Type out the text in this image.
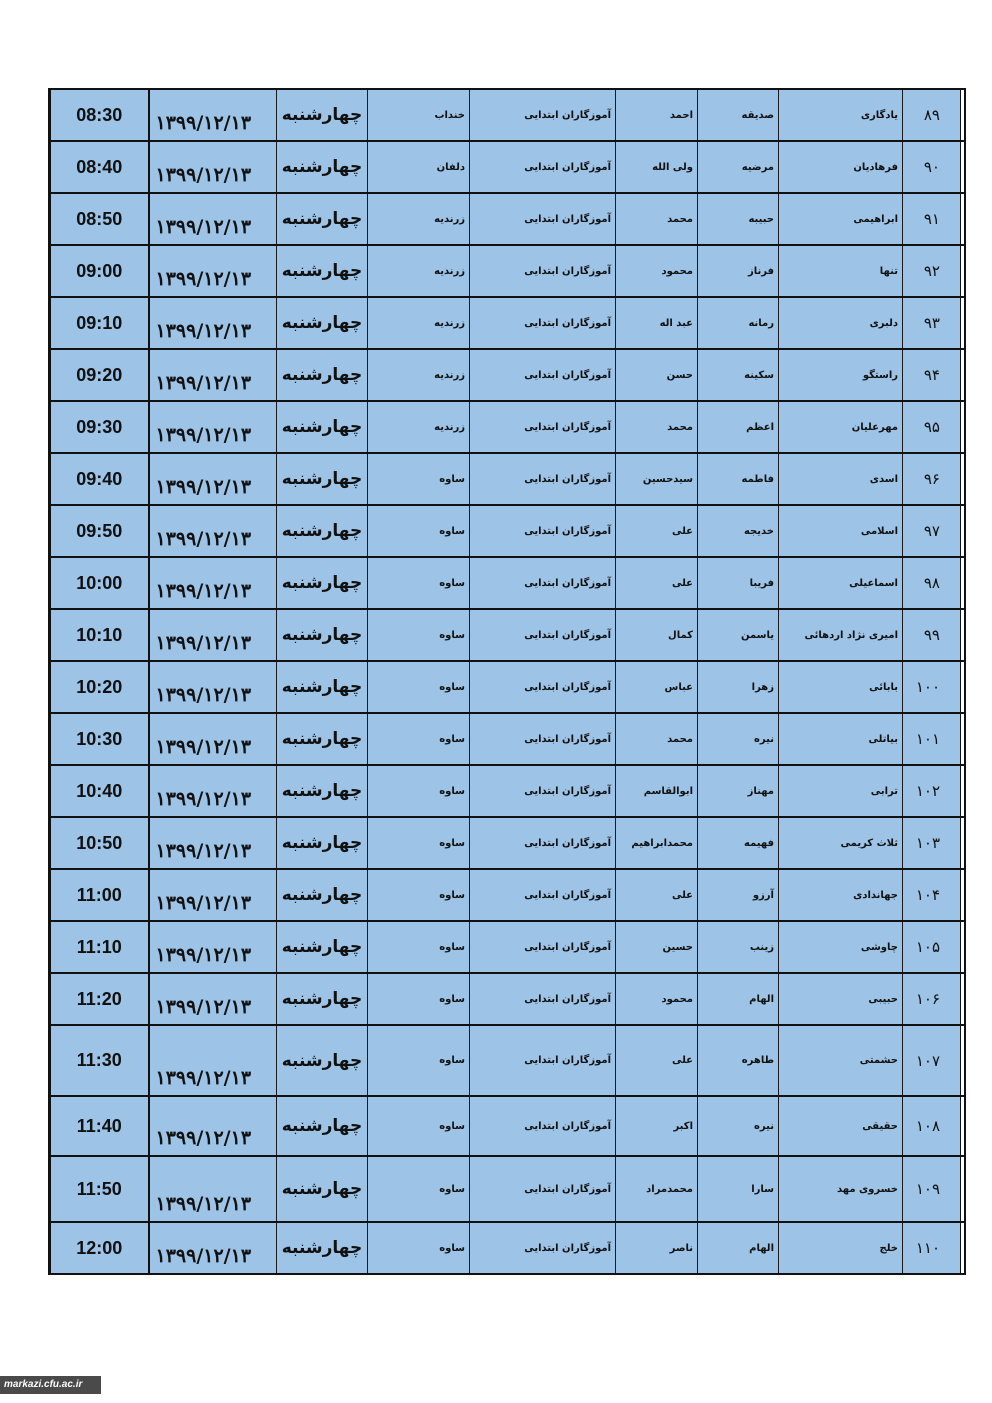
08:30	۱۳۹۹/۱۲/۱۳	چهارشنبه	خنداب	آموزگاران ابتدایی	احمد	صدیقه	یادگاری	۸۹	
08:40	۱۳۹۹/۱۲/۱۳	چهارشنبه	دلفان	آموزگاران ابتدایی	ولی الله	مرضیه	فرهادیان	۹۰	
08:50	۱۳۹۹/۱۲/۱۳	چهارشنبه	زرندیه	آموزگاران ابتدایی	محمد	حبیبه	ابراهیمی	۹۱	
09:00	۱۳۹۹/۱۲/۱۳	چهارشنبه	زرندیه	آموزگاران ابتدایی	محمود	فرناز	تنها	۹۲	
09:10	۱۳۹۹/۱۲/۱۳	چهارشنبه	زرندیه	آموزگاران ابتدایی	عبد اله	رمانه	دلبری	۹۳	
09:20	۱۳۹۹/۱۲/۱۳	چهارشنبه	زرندیه	آموزگاران ابتدایی	حسن	سکینه	راستگو	۹۴	
09:30	۱۳۹۹/۱۲/۱۳	چهارشنبه	زرندیه	آموزگاران ابتدایی	محمد	اعظم	مهرعلیان	۹۵	
09:40	۱۳۹۹/۱۲/۱۳	چهارشنبه	ساوه	آموزگاران ابتدایی	سیدحسین	فاطمه	اسدی	۹۶	
09:50	۱۳۹۹/۱۲/۱۳	چهارشنبه	ساوه	آموزگاران ابتدایی	علی	خدیجه	اسلامی	۹۷	
10:00	۱۳۹۹/۱۲/۱۳	چهارشنبه	ساوه	آموزگاران ابتدایی	علی	فریبا	اسماعیلی	۹۸	
10:10	۱۳۹۹/۱۲/۱۳	چهارشنبه	ساوه	آموزگاران ابتدایی	کمال	یاسمن	امیری نژاد اردهائی	۹۹	
10:20	۱۳۹۹/۱۲/۱۳	چهارشنبه	ساوه	آموزگاران ابتدایی	عباس	زهرا	بابائی	۱۰۰	
10:30	۱۳۹۹/۱۲/۱۳	چهارشنبه	ساوه	آموزگاران ابتدایی	محمد	نیره	بیاتلی	۱۰۱	
10:40	۱۳۹۹/۱۲/۱۳	چهارشنبه	ساوه	آموزگاران ابتدایی	ابوالقاسم	مهناز	ترابی	۱۰۲	
10:50	۱۳۹۹/۱۲/۱۳	چهارشنبه	ساوه	آموزگاران ابتدایی	محمدابراهیم	فهیمه	ثلاث کریمی	۱۰۳	
11:00	۱۳۹۹/۱۲/۱۳	چهارشنبه	ساوه	آموزگاران ابتدایی	علی	آرزو	جهاندادی	۱۰۴	
11:10	۱۳۹۹/۱۲/۱۳	چهارشنبه	ساوه	آموزگاران ابتدایی	حسین	زینب	چاوشی	۱۰۵	
11:20	۱۳۹۹/۱۲/۱۳	چهارشنبه	ساوه	آموزگاران ابتدایی	محمود	الهام	حبیبی	۱۰۶	
11:30	۱۳۹۹/۱۲/۱۳	چهارشنبه	ساوه	آموزگاران ابتدایی	علی	طاهره	حشمتی	۱۰۷	
11:40	۱۳۹۹/۱۲/۱۳	چهارشنبه	ساوه	آموزگاران ابتدایی	اکبر	نیره	حقیقی	۱۰۸	
11:50	۱۳۹۹/۱۲/۱۳	چهارشنبه	ساوه	آموزگاران ابتدایی	محمدمراد	سارا	خسروی مهد	۱۰۹	
12:00	۱۳۹۹/۱۲/۱۳	چهارشنبه	ساوه	آموزگاران ابتدایی	ناصر	الهام	خلج	۱۱۰	
markazi.cfu.ac.ir
